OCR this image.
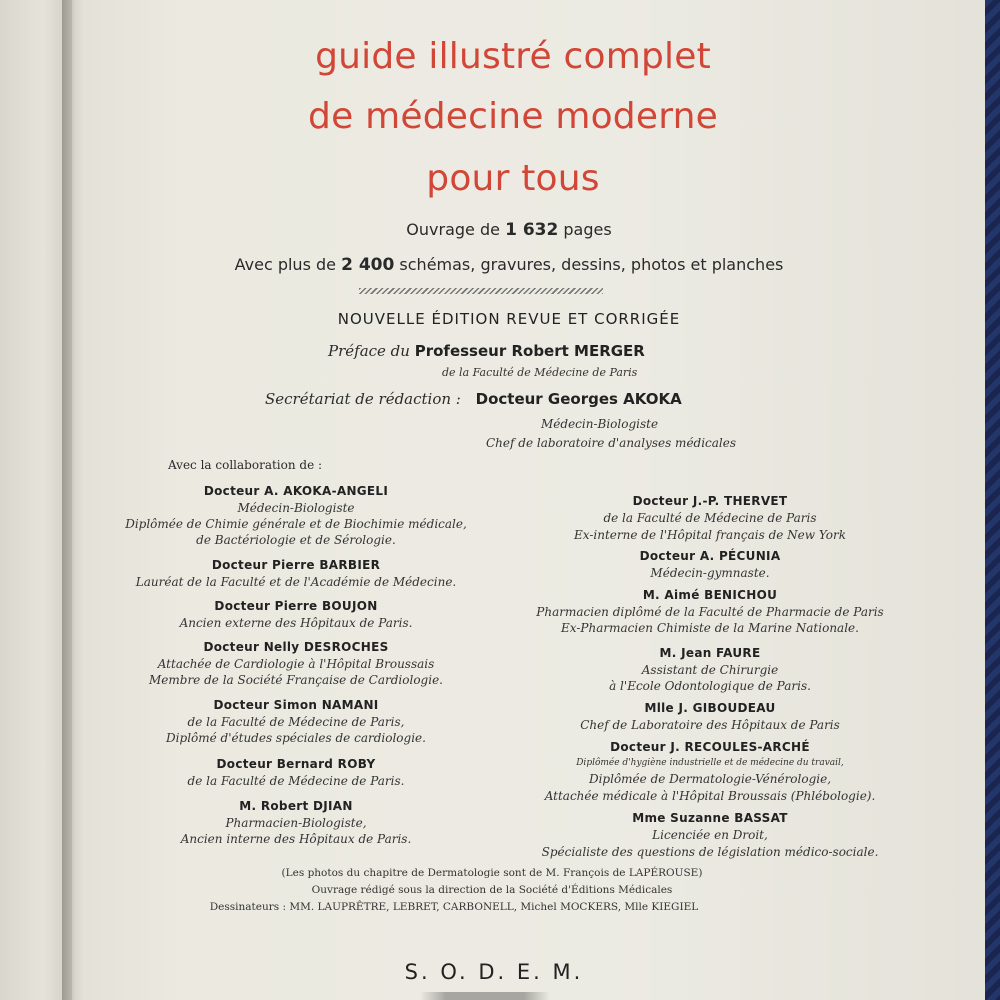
guide illustré complet
de médecine moderne
pour tous
Ouvrage de 1 632 pages
Avec plus de 2 400 schémas, gravures, dessins, photos et planches
NOUVELLE ÉDITION REVUE ET CORRIGÉE
Préface du Professeur Robert MERGER
de la Faculté de Médecine de Paris
Secrétariat de rédaction : Docteur Georges AKOKA
Médecin-Biologiste
Chef de laboratoire d'analyses médicales
Avec la collaboration de :
Docteur A. AKOKA-ANGELI
Médecin-Biologiste
Diplômée de Chimie générale et de Biochimie médicale,
de Bactériologie et de Sérologie.
Docteur Pierre BARBIER
Lauréat de la Faculté et de l'Académie de Médecine.
Docteur Pierre BOUJON
Ancien externe des Hôpitaux de Paris.
Docteur Nelly DESROCHES
Attachée de Cardiologie à l'Hôpital Broussais
Membre de la Société Française de Cardiologie.
Docteur Simon NAMANI
de la Faculté de Médecine de Paris,
Diplômé d'études spéciales de cardiologie.
Docteur Bernard ROBY
de la Faculté de Médecine de Paris.
M. Robert DJIAN
Pharmacien-Biologiste,
Ancien interne des Hôpitaux de Paris.
Docteur J.-P. THERVET
de la Faculté de Médecine de Paris
Ex-interne de l'Hôpital français de New York
Docteur A. PÉCUNIA
Médecin-gymnaste.
M. Aimé BENICHOU
Pharmacien diplômé de la Faculté de Pharmacie de Paris
Ex-Pharmacien Chimiste de la Marine Nationale.
M. Jean FAURE
Assistant de Chirurgie
à l'Ecole Odontologique de Paris.
Mlle J. GIBOUDEAU
Chef de Laboratoire des Hôpitaux de Paris
Docteur J. RECOULES-ARCHÉ
Diplômée d'hygiène industrielle et de médecine du travail,
Diplômée de Dermatologie-Vénérologie,
Attachée médicale à l'Hôpital Broussais (Phlébologie).
Mme Suzanne BASSAT
Licenciée en Droit,
Spécialiste des questions de législation médico-sociale.
(Les photos du chapitre de Dermatologie sont de M. François de LAPÉROUSE)
Ouvrage rédigé sous la direction de la Société d'Éditions Médicales
Dessinateurs : MM. LAUPRÊTRE, LEBRET, CARBONELL, Michel MOCKERS, Mlle KIEGIEL
S. O. D. E. M.
